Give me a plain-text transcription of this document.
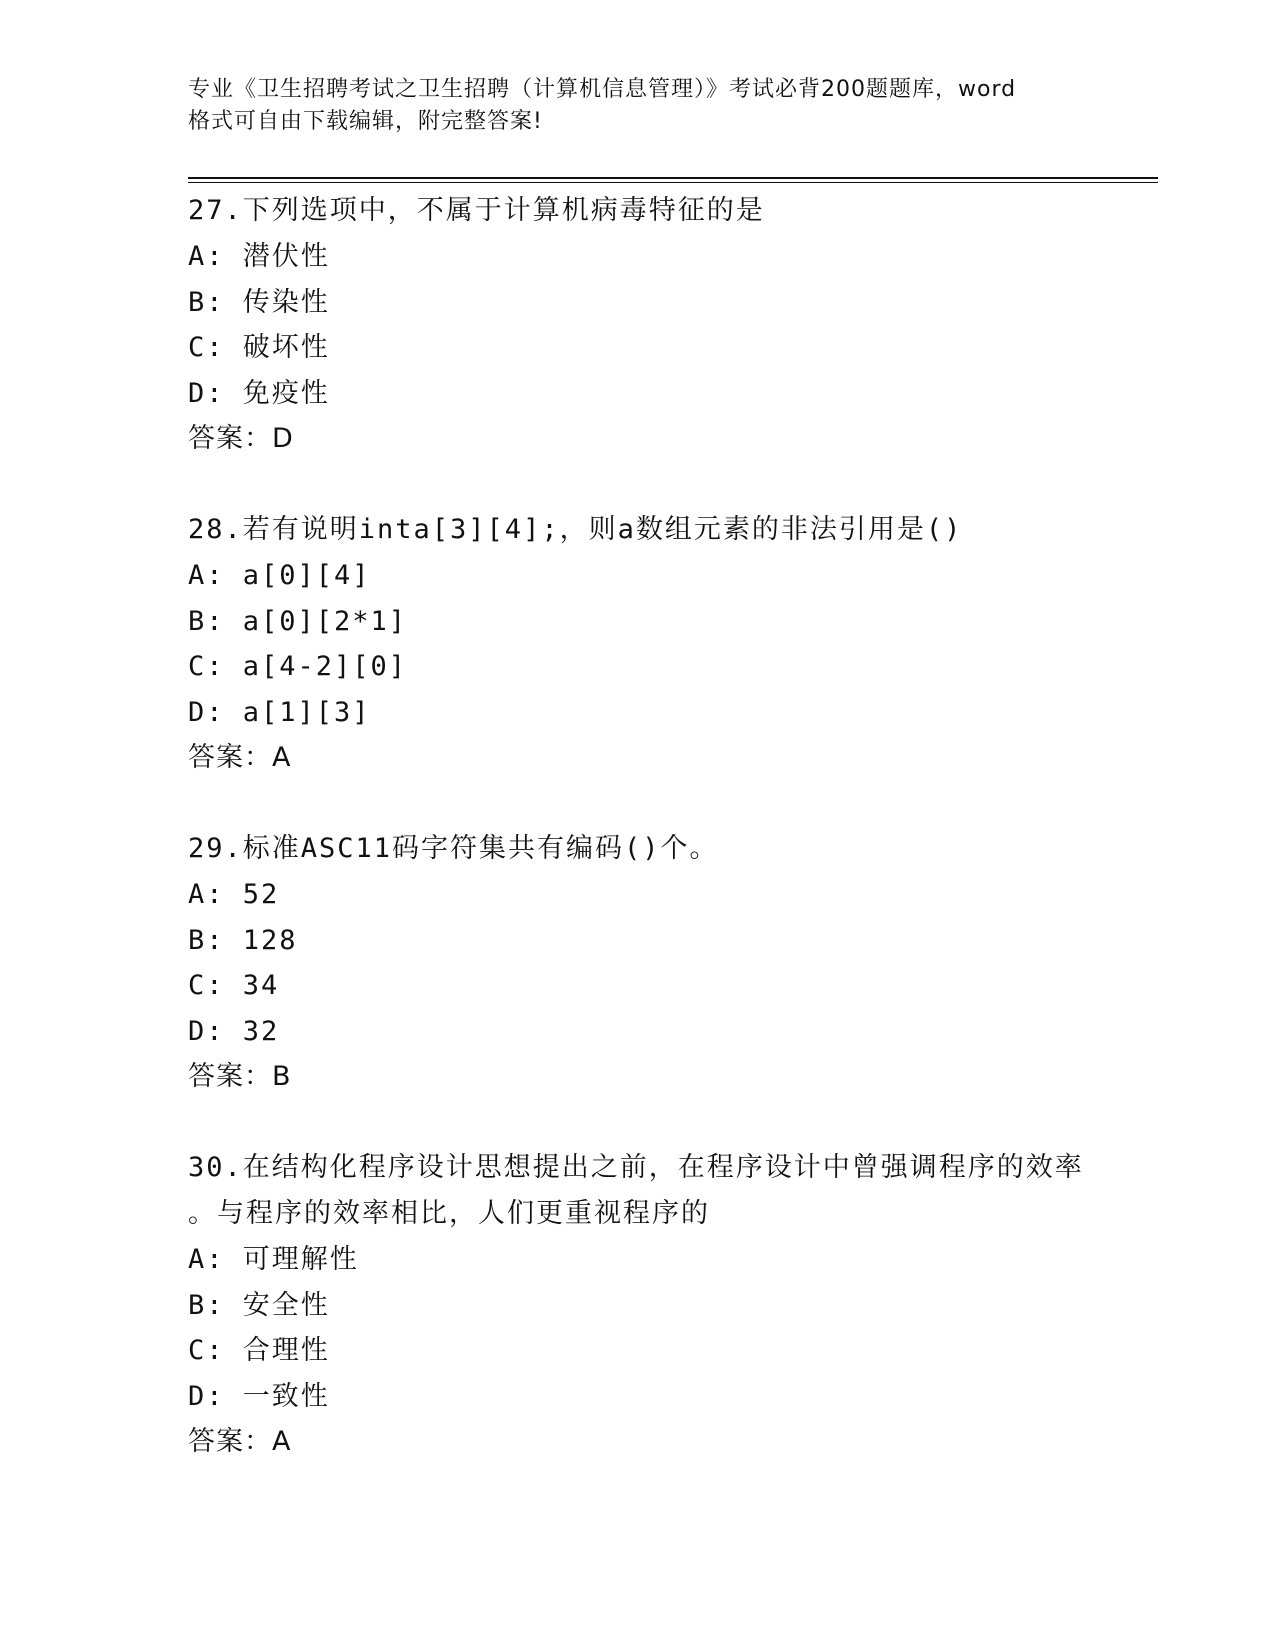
专业《卫生招聘考试之卫生招聘（计算机信息管理）》考试必背200题题库，word
格式可自由下载编辑，附完整答案!
27.下列选项中，不属于计算机病毒特征的是
A: 潜伏性
B: 传染性
C: 破坏性
D: 免疫性
答案：D
28.若有说明inta[3][4];，则a数组元素的非法引用是()
A: a[0][4]
B: a[0][2*1]
C: a[4-2][0]
D: a[1][3]
答案：A
29.标准ASC11码字符集共有编码()个。
A: 52
B: 128
C: 34
D: 32
答案：B
30.在结构化程序设计思想提出之前，在程序设计中曾强调程序的效率
。与程序的效率相比，人们更重视程序的
A: 可理解性
B: 安全性
C: 合理性
D: 一致性
答案：A
